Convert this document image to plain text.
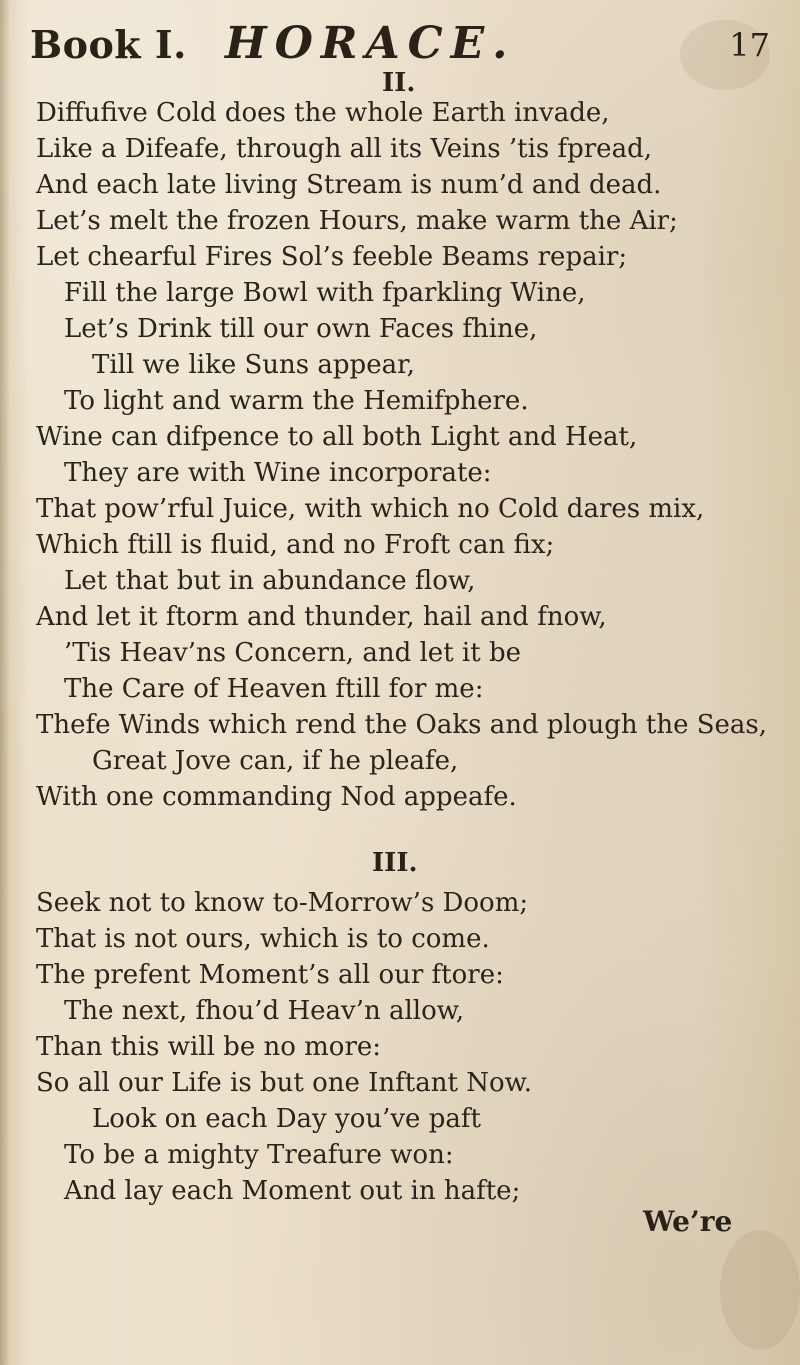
Book I. HORACE.	17
II.
Diffufive Cold does the whole Earth invade,
Like a Difeafe, through all its Veins ’tis fpread,
And each late living Stream is num’d and dead.
Let’s melt the frozen Hours, make warm the Air;
Let chearful Fires Sol’s feeble Beams repair;
Fill the large Bowl with fparkling Wine,
Let’s Drink till our own Faces fhine,
Till we like Suns appear,
To light and warm the Hemifphere.
Wine can difpence to all both Light and Heat,
They are with Wine incorporate:
That pow’rful Juice, with which no Cold dares mix,
Which ftill is fluid, and no Froft can fix;
Let that but in abundance flow,
And let it ftorm and thunder, hail and fnow,
’Tis Heav’ns Concern, and let it be
The Care of Heaven ftill for me:
Thefe Winds which rend the Oaks and plough the Seas,
Great Jove can, if he pleafe,
With one commanding Nod appeafe.
III.
Seek not to know to-Morrow’s Doom;
That is not ours, which is to come.
The prefent Moment’s all our ftore:
The next, fhou’d Heav’n allow,
Than this will be no more:
So all our Life is but one Inftant Now.
Look on each Day you’ve paft
To be a mighty Treafure won:
And lay each Moment out in hafte;
We’re
